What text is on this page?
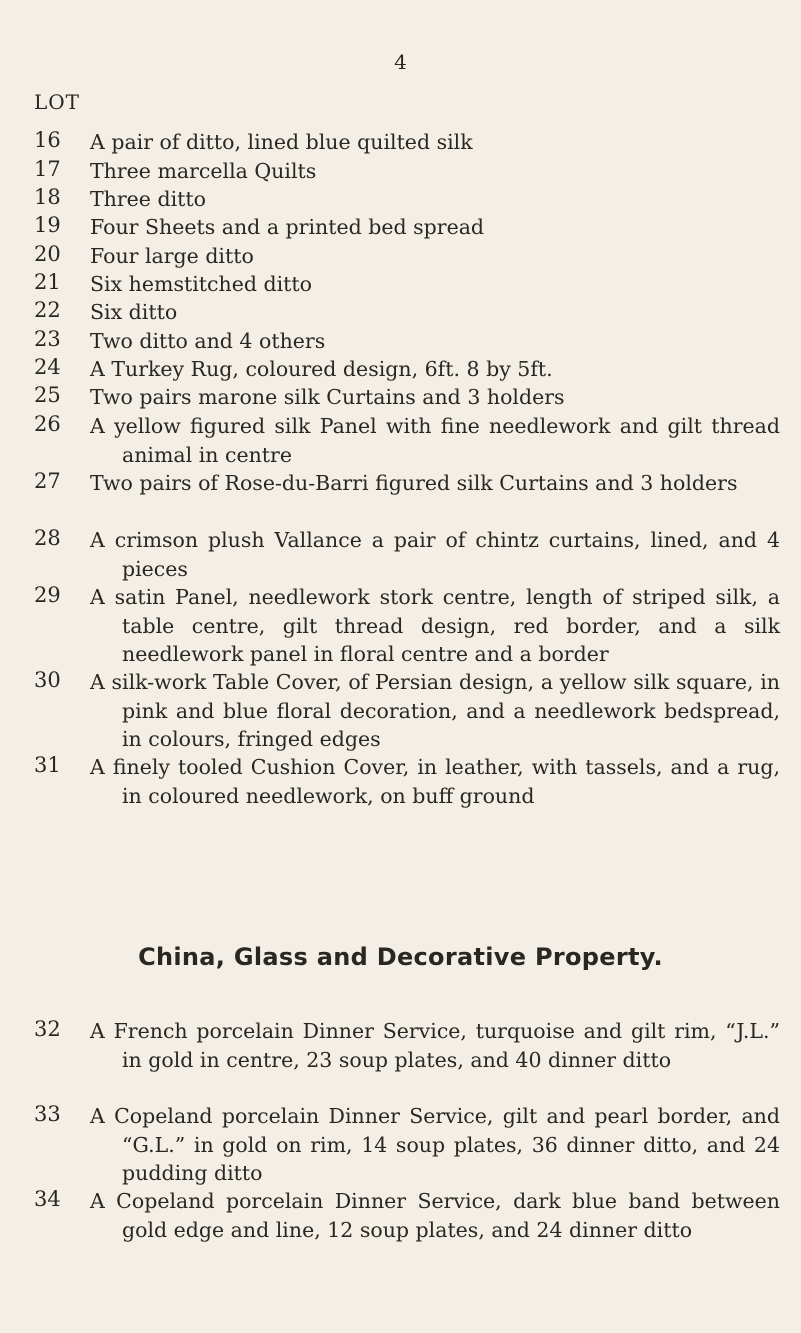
4
LOT
16	A pair of ditto, lined blue quilted silk
17	Three marcella Quilts
18	Three ditto
19	Four Sheets and a printed bed spread
20	Four large ditto
21	Six hemstitched ditto
22	Six ditto
23	Two ditto and 4 others
24	A Turkey Rug, coloured design, 6ft. 8 by 5ft.
25	Two pairs marone silk Curtains and 3 holders
26	A yellow figured silk Panel with fine needlework and gilt thread animal in centre
27	Two pairs of Rose-du-Barri figured silk Curtains and 3 holders
28	A crimson plush Vallance a pair of chintz curtains, lined, and 4 pieces
29	A satin Panel, needlework stork centre, length of striped silk, a table centre, gilt thread design, red border, and a silk needlework panel in floral centre and a border
30	A silk-work Table Cover, of Persian design, a yellow silk square, in pink and blue floral decoration, and a needlework bedspread, in colours, fringed edges
31	A finely tooled Cushion Cover, in leather, with tassels, and a rug, in coloured needlework, on buff ground
China, Glass and Decorative Property.
32	A French porcelain Dinner Service, turquoise and gilt rim, “J.L.” in gold in centre, 23 soup plates, and 40 dinner ditto
33	A Copeland porcelain Dinner Service, gilt and pearl border, and “G.L.” in gold on rim, 14 soup plates, 36 dinner ditto, and 24 pudding ditto
34	A Copeland porcelain Dinner Service, dark blue band between gold edge and line, 12 soup plates, and 24 dinner ditto
